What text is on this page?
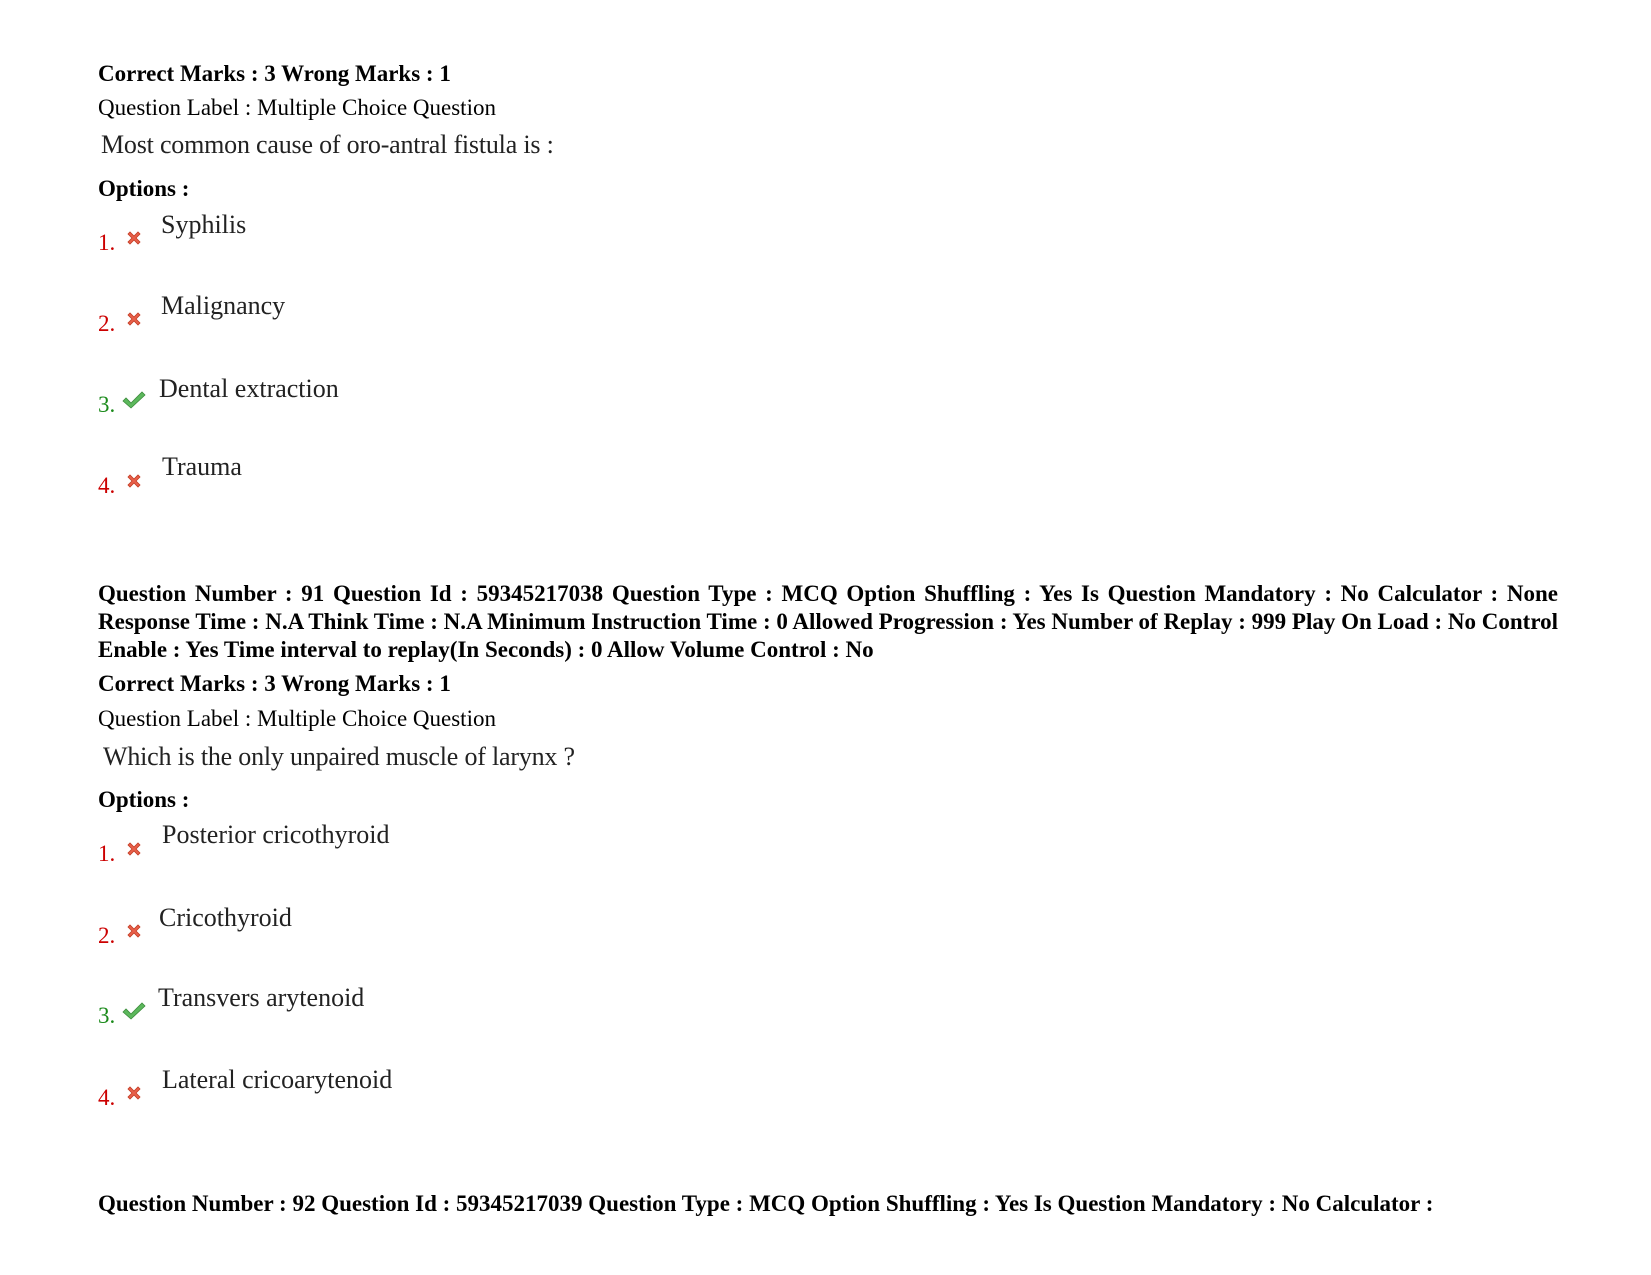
Correct Marks : 3 Wrong Marks : 1
Question Label : Multiple Choice Question
Most common cause of oro-antral fistula is :
Options :
1.
Syphilis
2.
Malignancy
3.
Dental extraction
4.
Trauma
Question Number : 91 Question Id : 59345217038 Question Type : MCQ Option Shuffling : Yes Is Question Mandatory : No Calculator : None Response Time : N.A Think Time : N.A Minimum Instruction Time : 0 Allowed Progression : Yes Number of Replay : 999 Play On Load : No Control Enable : Yes Time interval to replay(In Seconds) : 0 Allow Volume Control : No
Correct Marks : 3 Wrong Marks : 1
Question Label : Multiple Choice Question
Which is the only unpaired muscle of larynx ?
Options :
1.
Posterior cricothyroid
2.
Cricothyroid
3.
Transvers arytenoid
4.
Lateral cricoarytenoid
Question Number : 92 Question Id : 59345217039 Question Type : MCQ Option Shuffling : Yes Is Question Mandatory : No Calculator :
